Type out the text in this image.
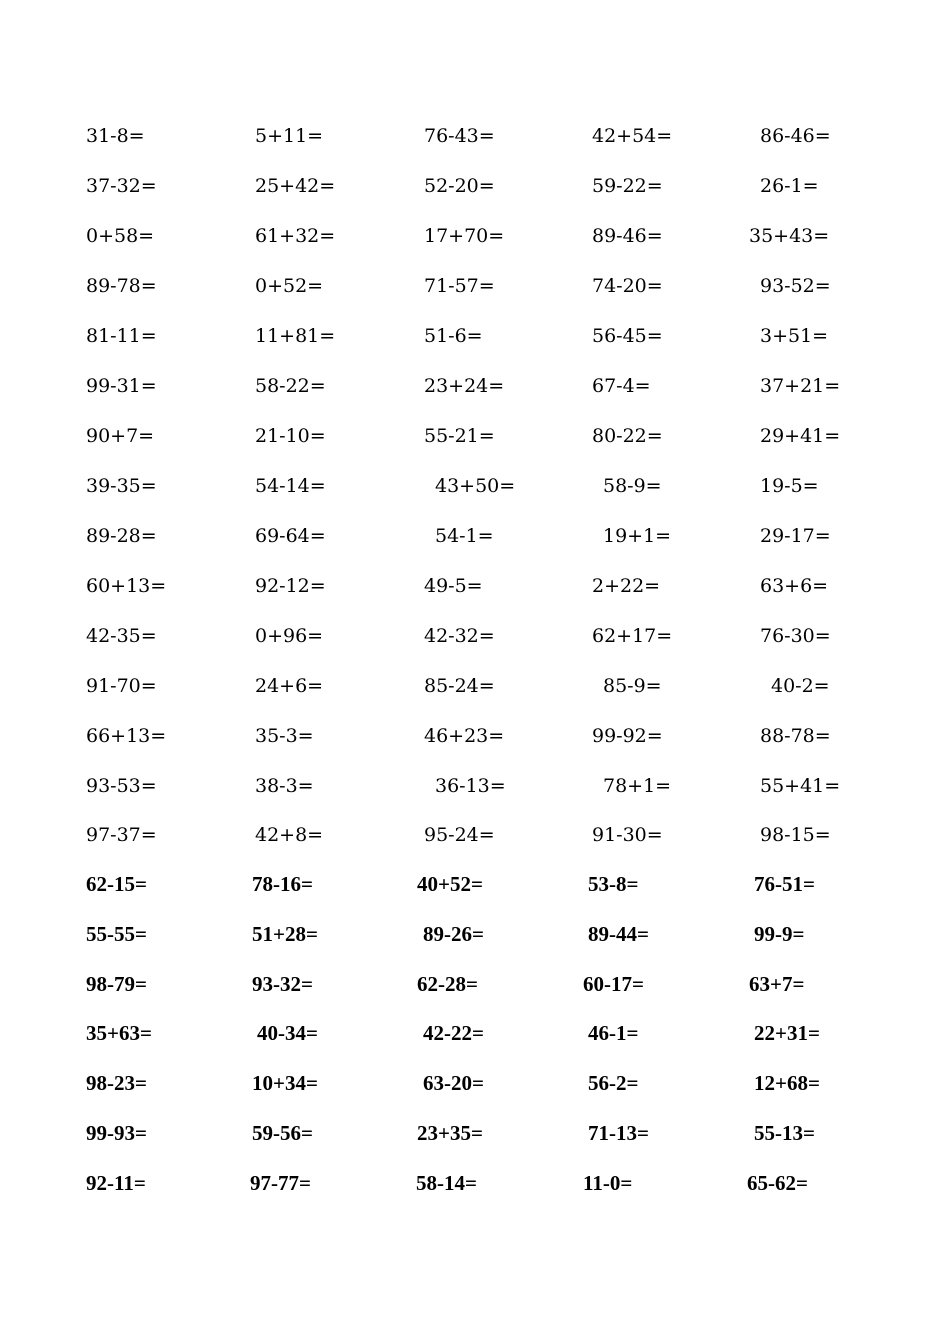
31-8=	5+11=	76-43=	42+54=	86-46=
37-32=	25+42=	52-20=	59-22=	26-1=
0+58=	61+32=	17+70=	89-46=	35+43=
89-78=	0+52=	71-57=	74-20=	93-52=
81-11=	11+81=	51-6=	56-45=	3+51=
99-31=	58-22=	23+24=	67-4=	37+21=
90+7=	21-10=	55-21=	80-22=	29+41=
39-35=	54-14=	43+50=	58-9=	19-5=
89-28=	69-64=	54-1=	19+1=	29-17=
60+13=	92-12=	49-5=	2+22=	63+6=
42-35=	0+96=	42-32=	62+17=	76-30=
91-70=	24+6=	85-24=	85-9=	40-2=
66+13=	35-3=	46+23=	99-92=	88-78=
93-53=	38-3=	36-13=	78+1=	55+41=
97-37=	42+8=	95-24=	91-30=	98-15=
62-15=	78-16=	40+52=	53-8=	76-51=
55-55=	51+28=	89-26=	89-44=	99-9=
98-79=	93-32=	62-28=	60-17=	63+7=
35+63=	40-34=	42-22=	46-1=	22+31=
98-23=	10+34=	63-20=	56-2=	12+68=
99-93=	59-56=	23+35=	71-13=	55-13=
92-11=	97-77=	58-14=	11-0=	65-62=
